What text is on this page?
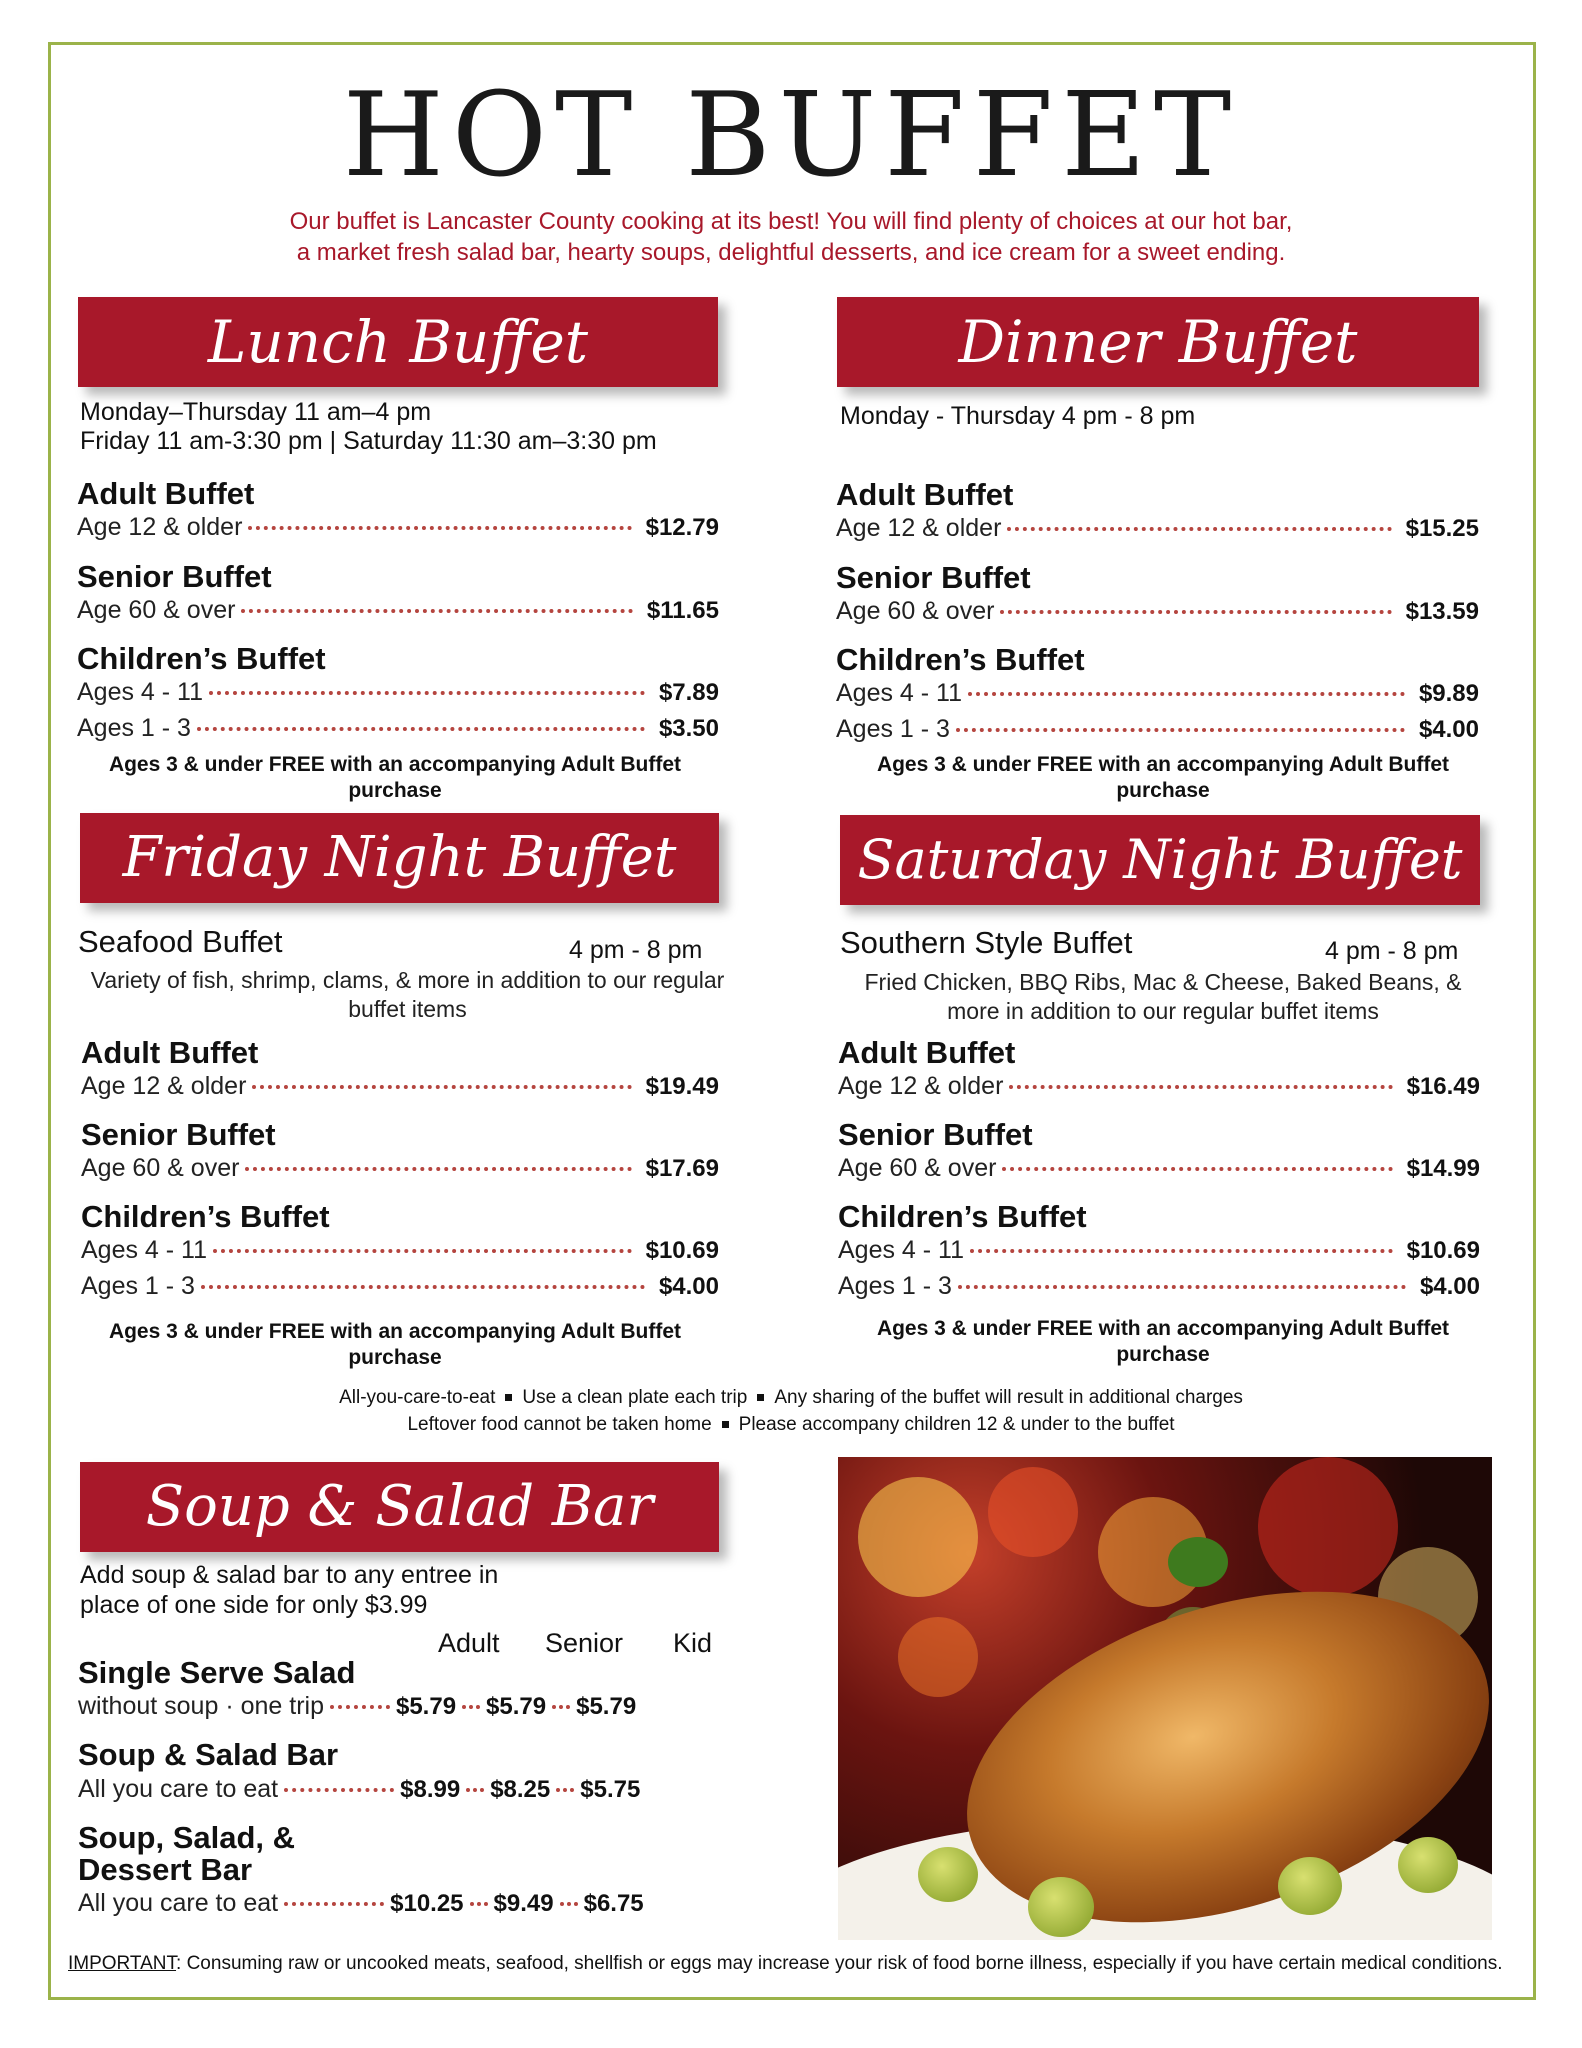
HOT BUFFET
Our buffet is Lancaster County cooking at its best! You will find plenty of choices at our hot bar,
a market fresh salad bar, hearty soups, delightful desserts, and ice cream for a sweet ending.
Lunch Buffet
Monday–Thursday 11 am–4 pm
Friday 11 am-3:30 pm | Saturday 11:30 am–3:30 pm
Adult Buffet
Age 12 & older	$12.79
Senior Buffet
Age 60 & over	$11.65
Children’s Buffet
Ages 4 - 11	$7.89
Ages 1 - 3	$3.50
Ages 3 & under FREE with an accompanying Adult Buffet purchase
Dinner Buffet
Monday - Thursday 4 pm - 8 pm
Adult Buffet
Age 12 & older	$15.25
Senior Buffet
Age 60 & over	$13.59
Children’s Buffet
Ages 4 - 11	$9.89
Ages 1 - 3	$4.00
Ages 3 & under FREE with an accompanying Adult Buffet purchase
Friday Night Buffet
Seafood Buffet	4 pm - 8 pm
Variety of fish, shrimp, clams, & more in addition to our regular buffet items
Adult Buffet
Age 12 & older	$19.49
Senior Buffet
Age 60 & over	$17.69
Children’s Buffet
Ages 4 - 11	$10.69
Ages 1 - 3	$4.00
Ages 3 & under FREE with an accompanying Adult Buffet purchase
Saturday Night Buffet
Southern Style Buffet	4 pm - 8 pm
Fried Chicken, BBQ Ribs, Mac & Cheese, Baked Beans, & more in addition to our regular buffet items
Adult Buffet
Age 12 & older	$16.49
Senior Buffet
Age 60 & over	$14.99
Children’s Buffet
Ages 4 - 11	$10.69
Ages 1 - 3	$4.00
Ages 3 & under FREE with an accompanying Adult Buffet purchase
All-you-care-to-eat Use a clean plate each trip Any sharing of the buffet will result in additional charges
Leftover food cannot be taken home Please accompany children 12 & under to the buffet
Soup & Salad Bar
Add soup & salad bar to any entree in
place of one side for only $3.99
Adult Senior Kid
Single Serve Salad
without soup · one trip	$5.79 $5.79 $5.79
Soup & Salad Bar
All you care to eat	$8.99 $8.25 $5.75
Soup, Salad, &
Dessert Bar
All you care to eat	$10.25 $9.49 $6.75
IMPORTANT: Consuming raw or uncooked meats, seafood, shellfish or eggs may increase your risk of food borne illness, especially if you have certain medical conditions.
